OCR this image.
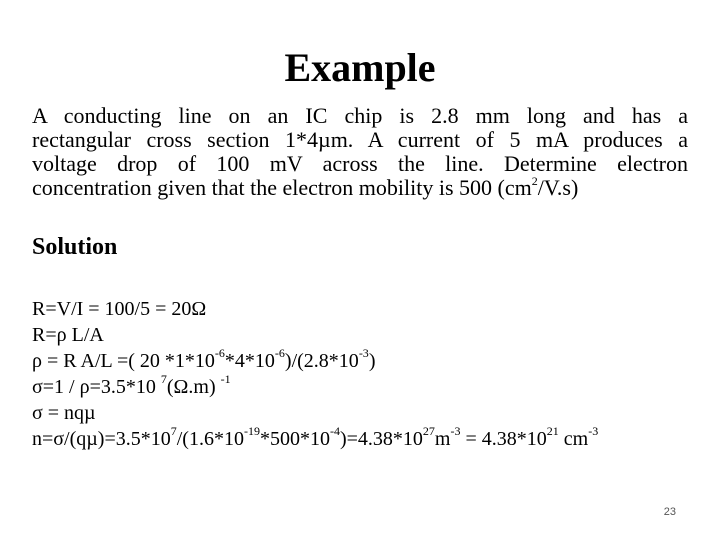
Example
A conducting line on an IC chip is 2.8 mm long and has a
rectangular cross section 1*4µm. A current of 5 mA produces a
voltage drop of 100 mV across the line. Determine electron
concentration given that the electron mobility is 500 $(cm^2/V.s)$
Solution
R=V/I = 100/5 = 20Ω
R=ρ L/A
ρ = R A/L =( 20 $*1*10^{-6}*4*10^{-6})/(2.8*10^{-3})$
σ=1 / ρ=3.5*10 $^7$(Ω.m) $^{-1}$
σ = nqµ
$n=\sigma/(q\mu)=3.5*10^7/(1.6*10^{-19}*500*10^{-4})=4.38*10^{27}m^{-3} = 4.38*10^{21}$ $cm^{-3}$
23
